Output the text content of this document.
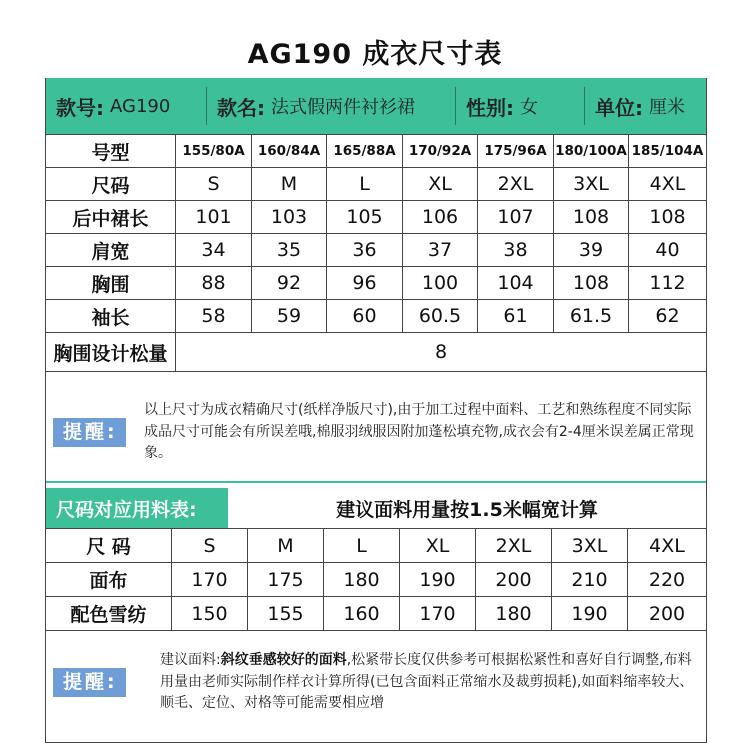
AG190 成衣尺寸表
款号: AG190 款名: 法式假两件衬衫裙	性别: 女	单位: 厘米
号型	155/80A	160/84A	165/88A	170/92A	175/96A	180/100A	185/104A
尺码	S	M	L	XL	2XL	3XL	4XL
后中裙长	101	103	105	106	107	108	108
肩宽	34	35	36	37	38	39	40
胸围	88	92	96	100	104	108	112
袖长	58	59	60	60.5	61	61.5	62
胸围设计松量	8						
提醒:
以上尺寸为成衣精确尺寸(纸样净版尺寸),由于加工过程中面料、工艺和熟练程度不同实际成品尺寸可能会有所误差哦,棉服羽绒服因附加蓬松填充物,成衣会有2-4厘米误差属正常现象。
尺码对应用料表:	建议面料用量按1.5米幅宽计算
尺 码	S	M	L	XL	2XL	3XL	4XL
面布	170	175	180	190	200	210	220
配色雪纺	150	155	160	170	180	190	200
提醒:
建议面料:斜纹垂感较好的面料,松紧带长度仅供参考可根据松紧性和喜好自行调整,布料用量由老师实际制作样衣计算所得(已包含面料正常缩水及裁剪损耗),如面料缩率较大、顺毛、定位、对格等可能需要相应增
